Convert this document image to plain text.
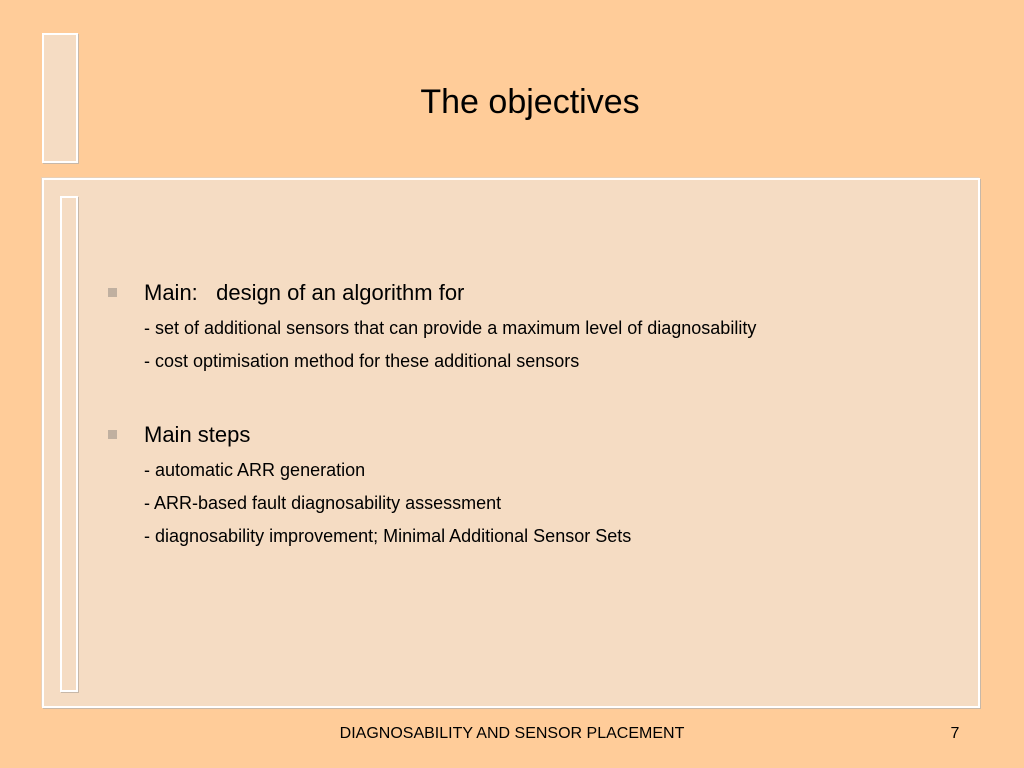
The objectives
Main:   design of an algorithm for
- set of additional sensors that can provide a maximum level of diagnosability
- cost optimisation method for these additional sensors
Main steps
- automatic ARR generation
- ARR-based fault diagnosability assessment
- diagnosability improvement; Minimal Additional Sensor Sets
DIAGNOSABILITY AND SENSOR PLACEMENT	7
